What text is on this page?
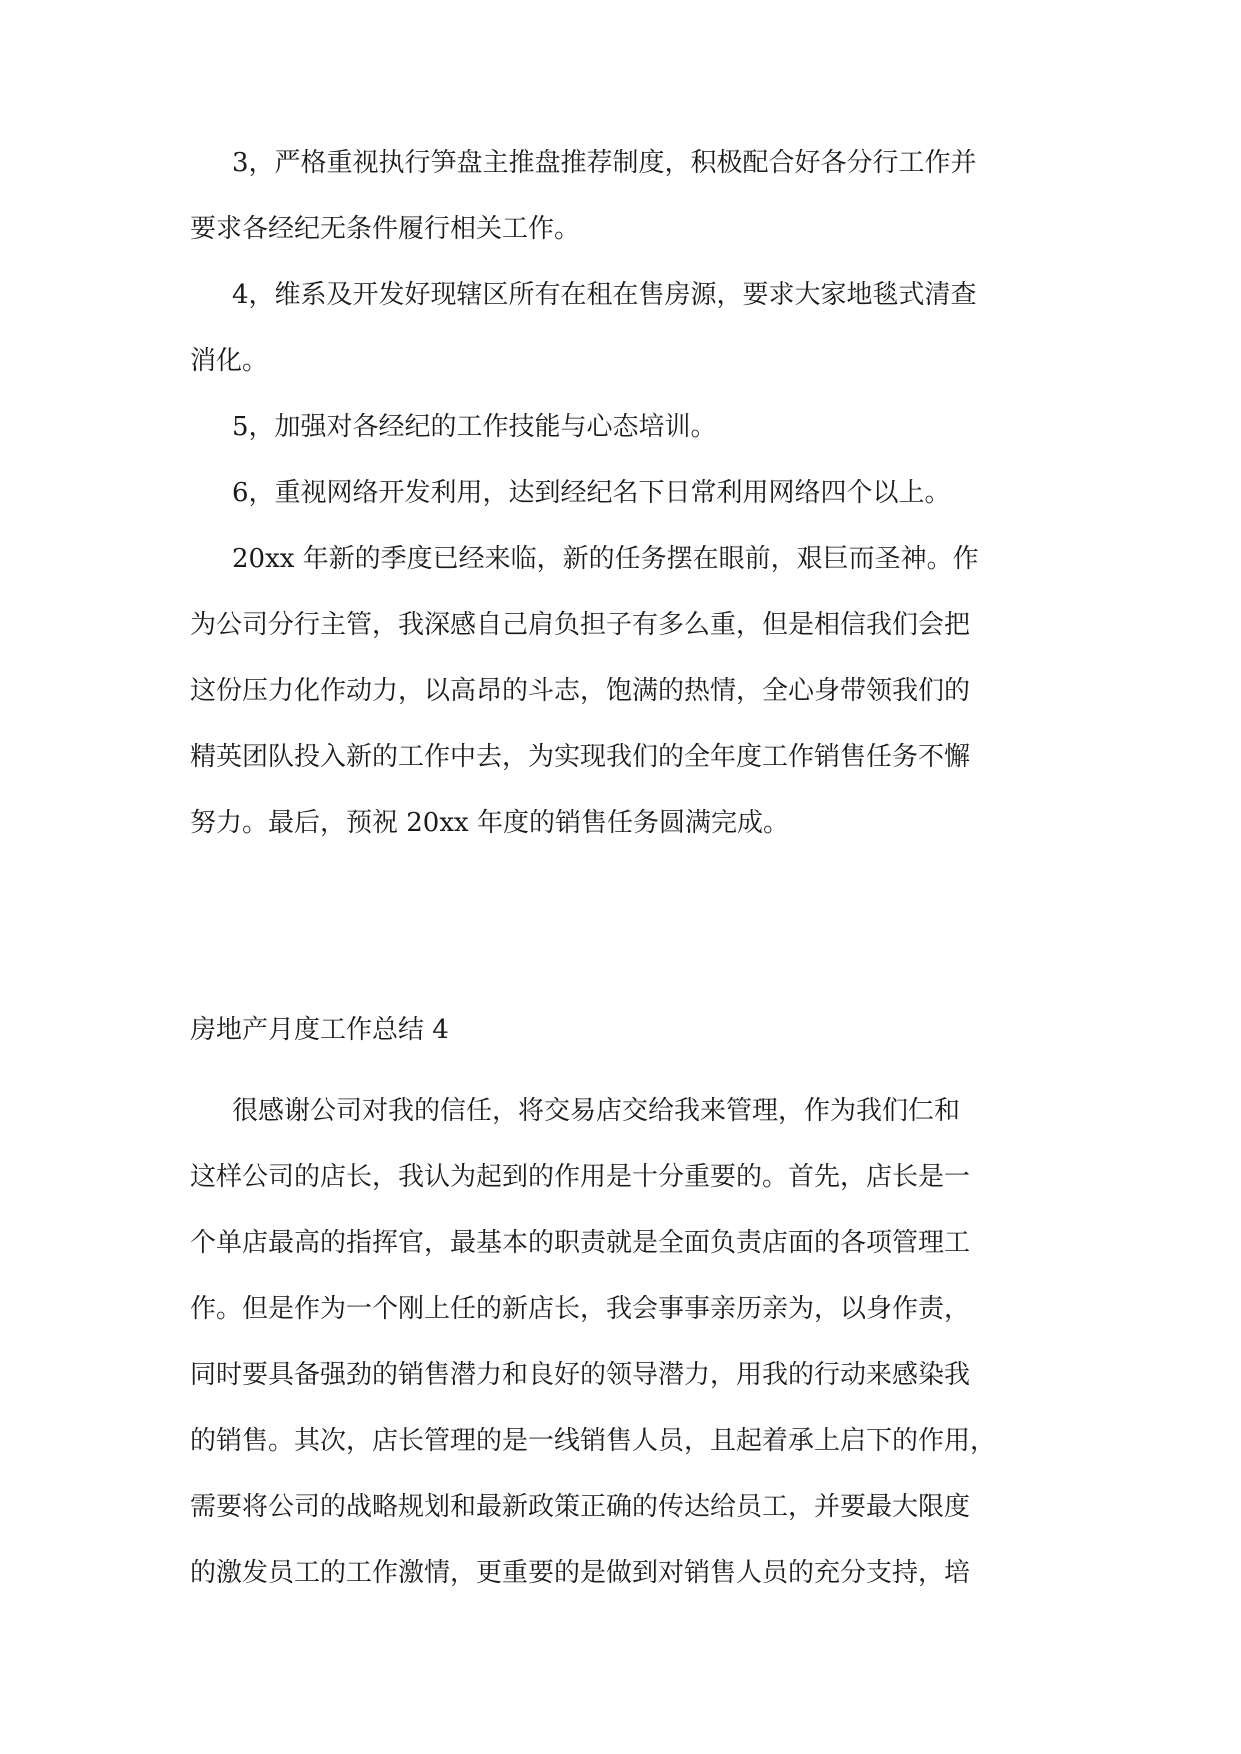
3，严格重视执行笋盘主推盘推荐制度，积极配合好各分行工作并

要求各经纪无条件履行相关工作。

4，维系及开发好现辖区所有在租在售房源，要求大家地毯式清查

消化。

5，加强对各经纪的工作技能与心态培训。

6，重视网络开发利用，达到经纪名下日常利用网络四个以上。

20xx 年新的季度已经来临，新的任务摆在眼前，艰巨而圣神。作

为公司分行主管，我深感自己肩负担子有多么重，但是相信我们会把

这份压力化作动力，以高昂的斗志，饱满的热情，全心身带领我们的

精英团队投入新的工作中去，为实现我们的全年度工作销售任务不懈

努力。最后，预祝 20xx 年度的销售任务圆满完成。

房地产月度工作总结 4

很感谢公司对我的信任，将交易店交给我来管理，作为我们仁和

这样公司的店长，我认为起到的作用是十分重要的。首先，店长是一

个单店最高的指挥官，最基本的职责就是全面负责店面的各项管理工

作。但是作为一个刚上任的新店长，我会事事亲历亲为，以身作责，

同时要具备强劲的销售潜力和良好的领导潜力，用我的行动来感染我

的销售。其次，店长管理的是一线销售人员，且起着承上启下的作用，

需要将公司的战略规划和最新政策正确的传达给员工，并要最大限度

的激发员工的工作激情，更重要的是做到对销售人员的充分支持，培
